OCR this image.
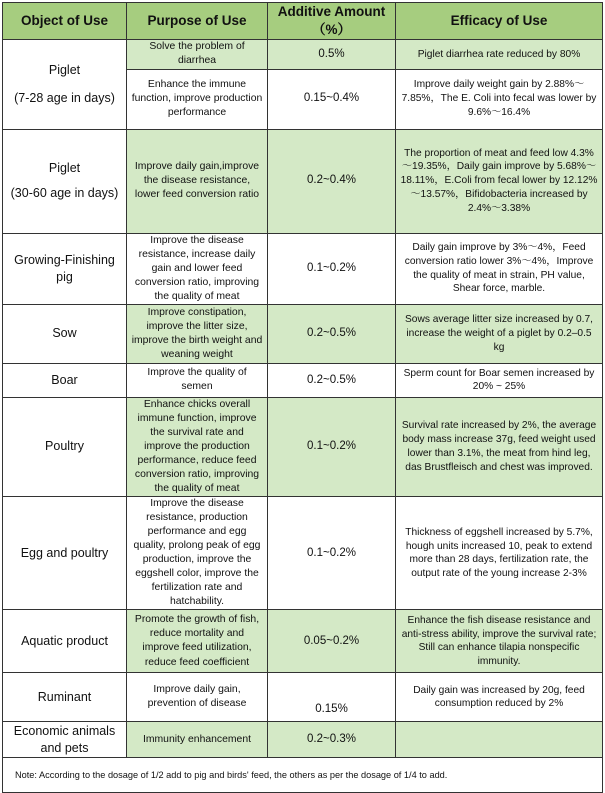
Object of Use	Purpose of Use	Additive Amount（%）	Efficacy of Use

Piglet
(7-28 age in days)	Solve the problem of diarrhea	0.5%	Piglet diarrhea rate reduced by 80%
	Enhance the immune function, improve production performance	0.15~0.4%	Improve daily weight gain by 2.88%～7.85%，The E. Coli into fecal was lower by 9.6%～16.4%

Piglet
(30-60 age in days)	Improve daily gain,improve the disease resistance, lower feed conversion ratio	0.2~0.4%	The proportion of meat and feed low 4.3%～19.35%，Daily gain improve by 5.68%～18.11%，E.Coli from fecal lower by 12.12%～13.57%，Bifidobacteria increased by 2.4%～3.38%
Growing-Finishing pig	Improve the disease resistance, increase daily gain and lower feed conversion ratio, improving the quality of meat	0.1~0.2%	Daily gain improve by 3%～4%，Feed conversion ratio lower 3%～4%，Improve the quality of meat in strain, PH value, Shear force, marble.
Sow	Improve constipation, improve the litter size, improve the birth weight and weaning weight	0.2~0.5%	Sows average litter size increased by 0.7, increase the weight of a piglet by 0.2–0.5 kg
Boar	Improve the quality of semen	0.2~0.5%	Sperm count for Boar semen increased by 20% ~ 25%
Poultry	Enhance chicks overall immune function, improve the survival rate and improve the production performance, reduce feed conversion ratio, improving the quality of meat	0.1~0.2%	Survival rate increased by 2%, the average body mass increase 37g, feed weight used lower than 3.1%, the meat from hind leg, das Brustfleisch and chest was improved.
Egg and poultry	Improve the disease resistance, production performance and egg quality, prolong peak of egg production, improve the eggshell color, improve the fertilization rate and hatchability.	0.1~0.2%	Thickness of eggshell increased by 5.7%, hough units increased 10, peak to extend more than 28 days, fertilization rate, the output rate of the young increase 2-3%
Aquatic product	Promote the growth of fish, reduce mortality and improve feed utilization, reduce feed coefficient	0.05~0.2%	Enhance the fish disease resistance and anti-stress ability, improve the survival rate; Still can enhance tilapia nonspecific immunity.
Ruminant	Improve daily gain, prevention of disease	0.15%	Daily gain was increased by 20g, feed consumption reduced by 2%
Economic animals and pets	Immunity enhancement	0.2~0.3%	
Note: According to the dosage of 1/2 add to pig and birds' feed, the others as per the dosage of 1/4 to add.			
